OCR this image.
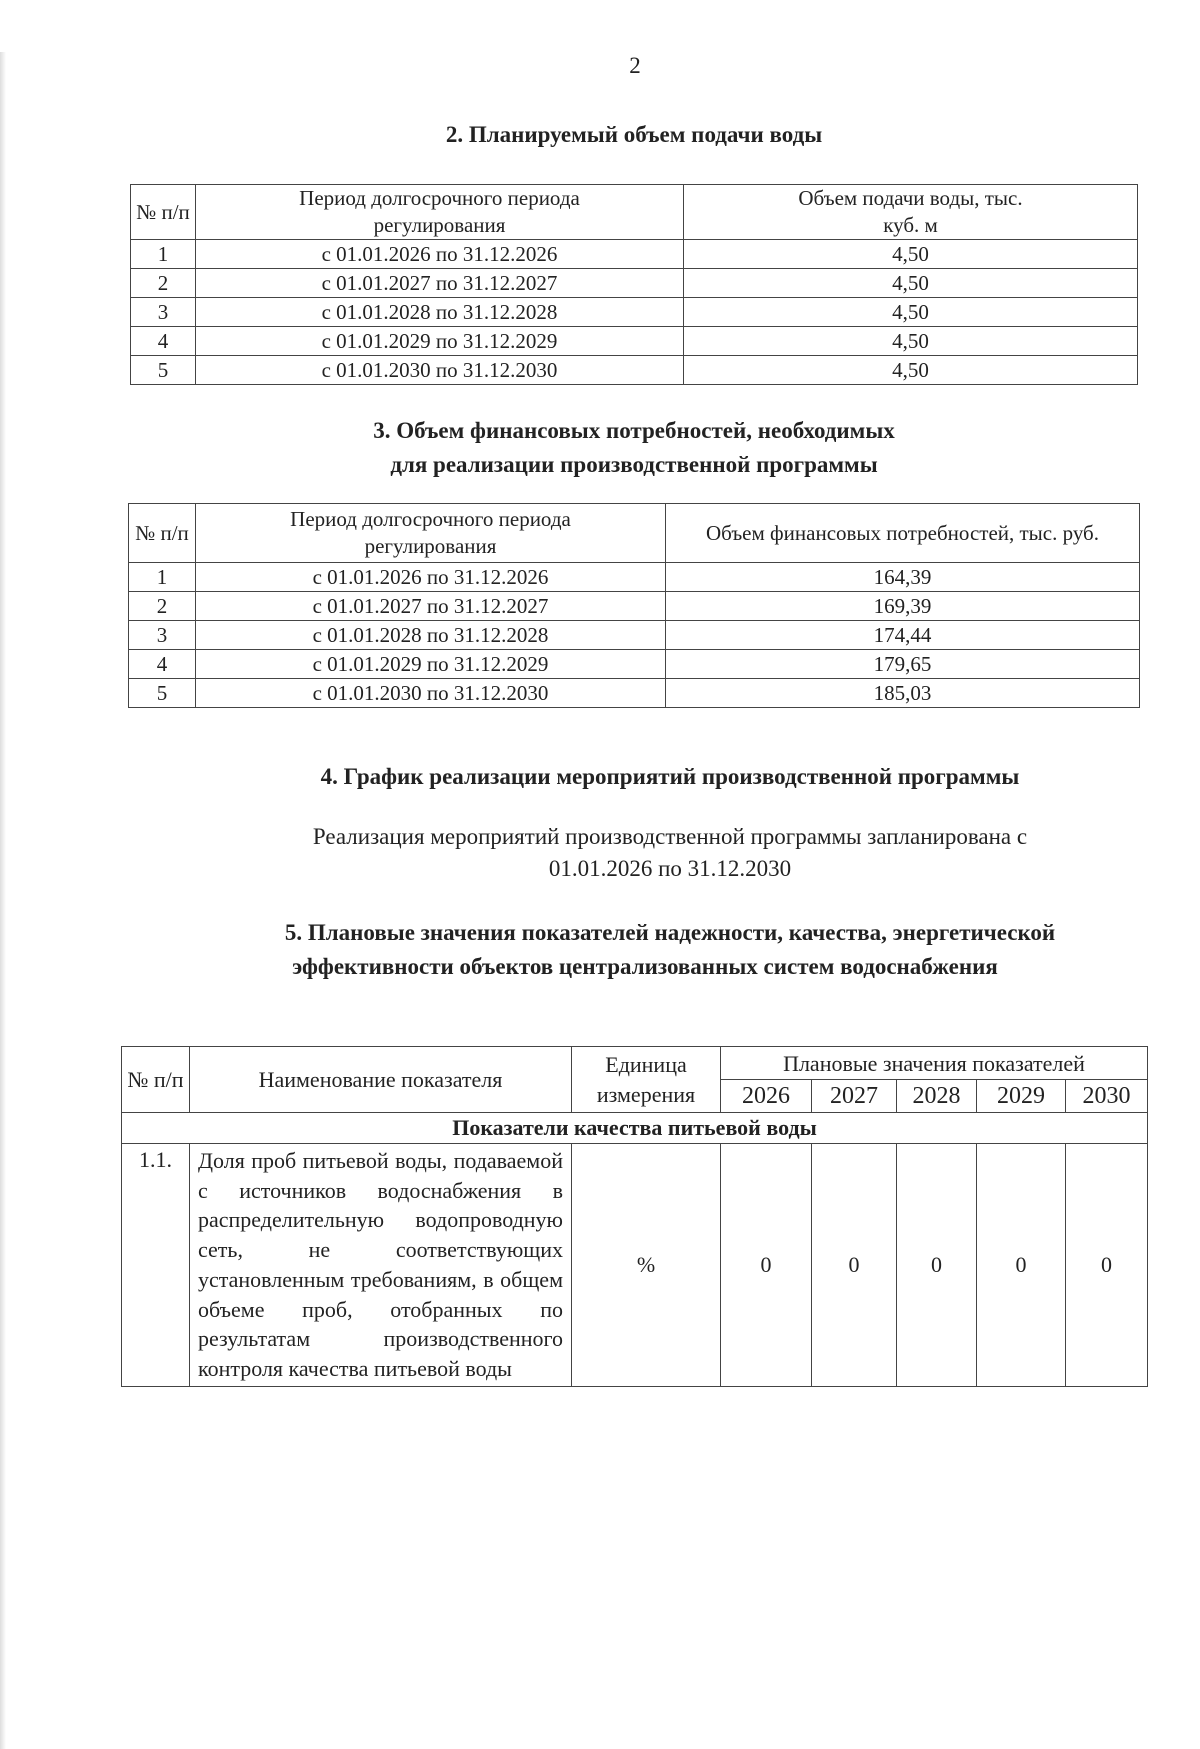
2
2. Планируемый объем подачи воды
№ п/п	Период долгосрочного периода регулирования	Объем подачи воды, тыс. куб. м
1	с 01.01.2026 по 31.12.2026	4,50
2	с 01.01.2027 по 31.12.2027	4,50
3	с 01.01.2028 по 31.12.2028	4,50
4	с 01.01.2029 по 31.12.2029	4,50
5	с 01.01.2030 по 31.12.2030	4,50
3. Объем финансовых потребностей, необходимых
для реализации производственной программы
№ п/п	Период долгосрочного периода регулирования	Объем финансовых потребностей, тыс. руб.
1	с 01.01.2026 по 31.12.2026	164,39
2	с 01.01.2027 по 31.12.2027	169,39
3	с 01.01.2028 по 31.12.2028	174,44
4	с 01.01.2029 по 31.12.2029	179,65
5	с 01.01.2030 по 31.12.2030	185,03
4. График реализации мероприятий производственной программы
Реализация мероприятий производственной программы запланирована с
01.01.2026 по 31.12.2030
5. Плановые значения показателей надежности, качества, энергетической
эффективности объектов централизованных систем водоснабжения
№ п/п	Наименование показателя	Единица измерения	Плановые значения показателей				
			2026	2027	2028	2029	2030
Показатели качества питьевой воды							
1.1.	Доля проб питьевой воды, подаваемой с источников водоснабжения в распределительную водопроводную сеть, не соответствующих установленным требованиям, в общем объеме проб, отобранных по результатам производственного контроля качества питьевой воды	%	0	0	0	0	0
